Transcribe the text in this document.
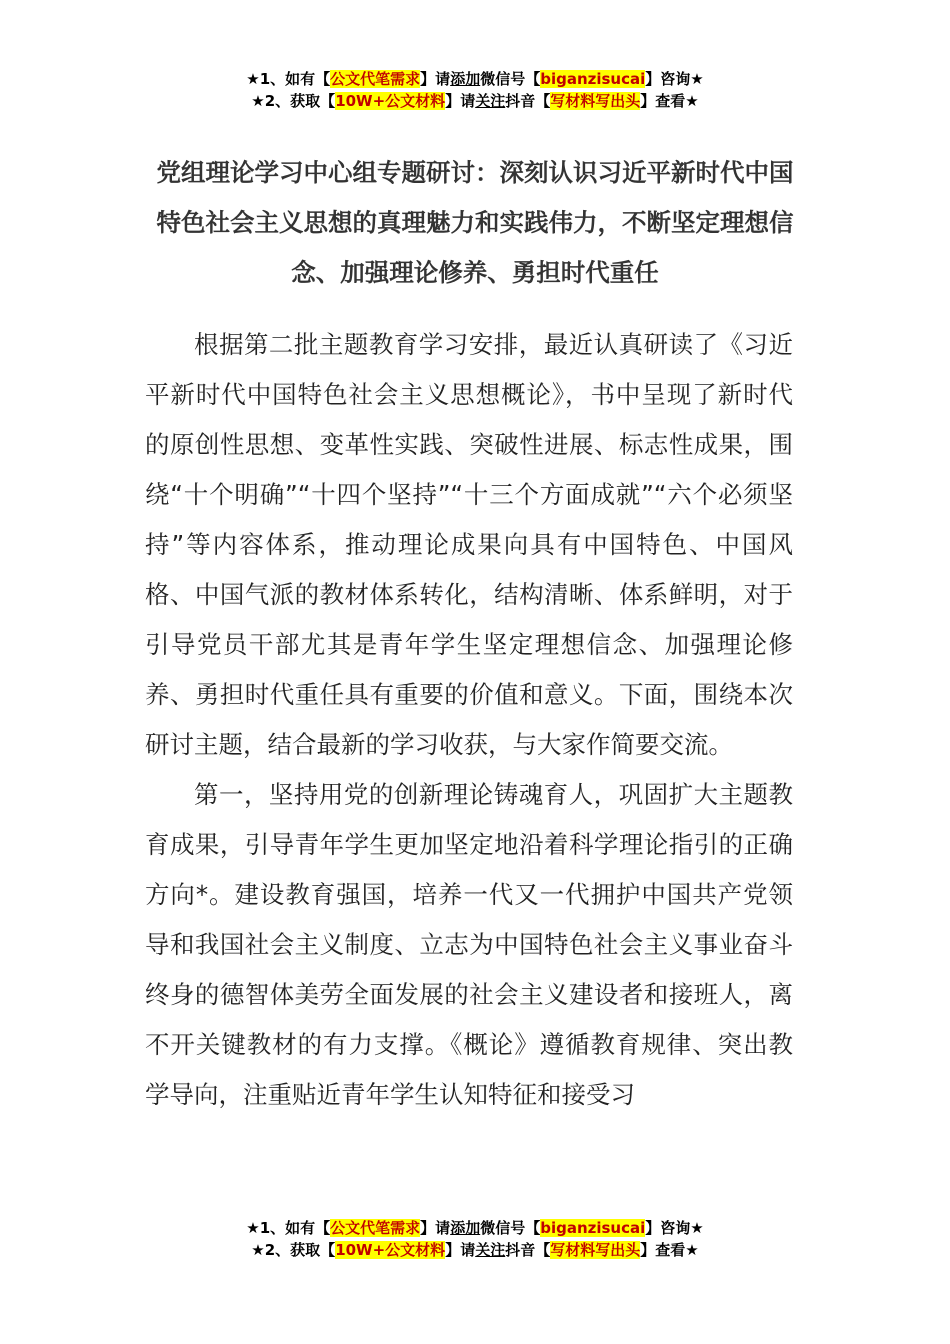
★1、如有【公文代笔需求】请添加微信号【biganzisucai】咨询★
★2、获取【10W+公文材料】请关注抖音【写材料写出头】查看★
党组理论学习中心组专题研讨：深刻认识习近平新时代中国特色社会主义思想的真理魅力和实践伟力，不断坚定理想信念、加强理论修养、勇担时代重任

根据第二批主题教育学习安排，最近认真研读了《习近平新时代中国特色社会主义思想概论》，书中呈现了新时代的原创性思想、变革性实践、突破性进展、标志性成果，围绕“十个明确”“十四个坚持”“十三个方面成就”“六个必须坚持”等内容体系，推动理论成果向具有中国特色、中国风格、中国气派的教材体系转化，结构清晰、体系鲜明，对于引导党员干部尤其是青年学生坚定理想信念、加强理论修养、勇担时代重任具有重要的价值和意义。下面，围绕本次研讨主题，结合最新的学习收获，与大家作简要交流。

第一，坚持用党的创新理论铸魂育人，巩固扩大主题教育成果，引导青年学生更加坚定地沿着科学理论指引的正确方向*。建设教育强国，培养一代又一代拥护中国共产党领导和我国社会主义制度、立志为中国特色社会主义事业奋斗终身的德智体美劳全面发展的社会主义建设者和接班人，离不开关键教材的有力支撑。《概论》遵循教育规律、突出教学导向，注重贴近青年学生认知特征和接受习

★1、如有【公文代笔需求】请添加微信号【biganzisucai】咨询★
★2、获取【10W+公文材料】请关注抖音【写材料写出头】查看★
